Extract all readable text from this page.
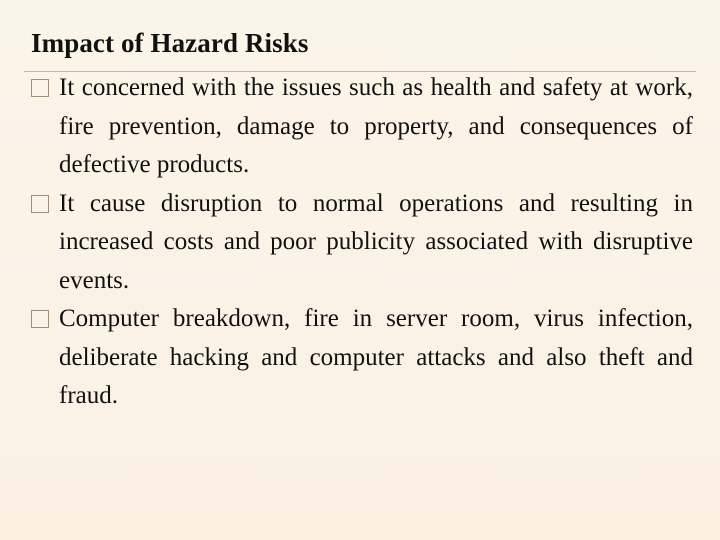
Impact of Hazard Risks
It concerned with the issues such as health and safety at work, fire prevention, damage to property, and consequences of defective products.
It cause disruption to normal operations and resulting in increased costs and poor publicity associated with disruptive events.
Computer breakdown, fire in server room, virus infection, deliberate hacking and computer attacks and also theft and fraud.
